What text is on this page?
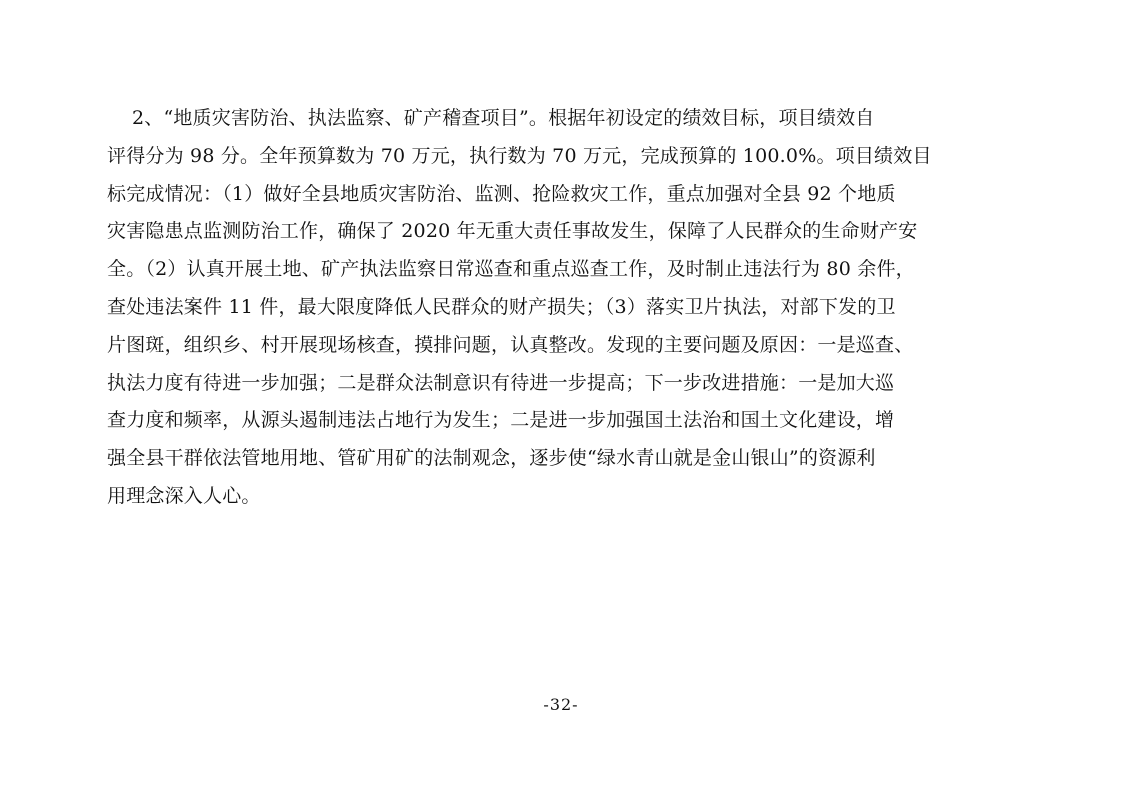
2、“地质灾害防治、执法监察、矿产稽查项目”。根据年初设定的绩效目标，项目绩效自
评得分为 98 分。全年预算数为 70 万元，执行数为 70 万元，完成预算的 100.0%。项目绩效目
标完成情况：（1）做好全县地质灾害防治、监测、抢险救灾工作，重点加强对全县 92 个地质
灾害隐患点监测防治工作，确保了 2020 年无重大责任事故发生，保障了人民群众的生命财产安
全。（2）认真开展土地、矿产执法监察日常巡查和重点巡查工作，及时制止违法行为 80 余件，
查处违法案件 11 件，最大限度降低人民群众的财产损失；（3）落实卫片执法，对部下发的卫
片图斑，组织乡、村开展现场核查，摸排问题，认真整改。发现的主要问题及原因：一是巡查、
执法力度有待进一步加强；二是群众法制意识有待进一步提高；下一步改进措施：一是加大巡
查力度和频率，从源头遏制违法占地行为发生；二是进一步加强国土法治和国土文化建设，增
强全县干群依法管地用地、管矿用矿的法制观念，逐步使“绿水青山就是金山银山”的资源利
用理念深入人心。
-32-
